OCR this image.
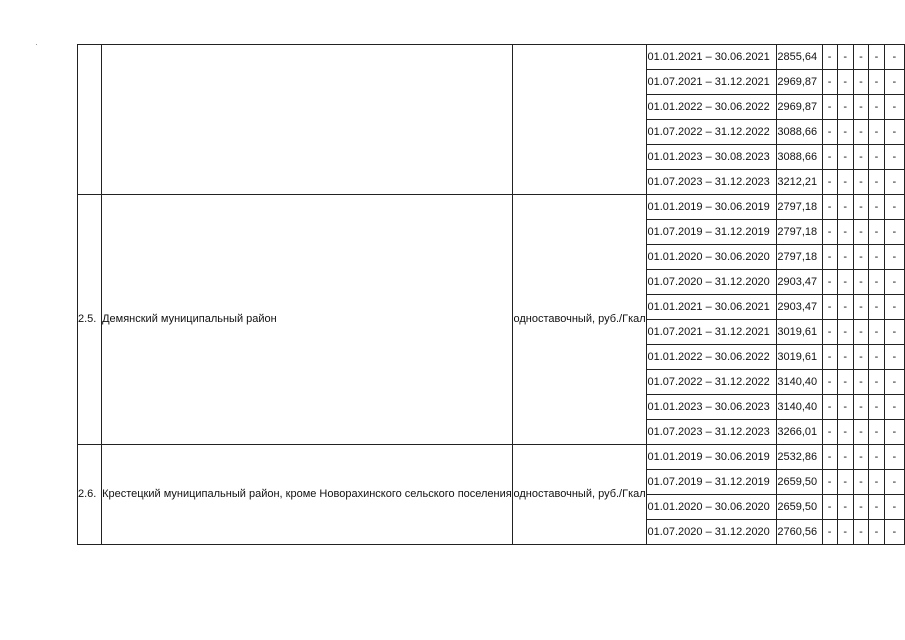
			01.01.2021 – 30.06.2021	2855,64	-	-	-	-	-
			01.07.2021 – 31.12.2021	2969,87	-	-	-	-	-
			01.01.2022 – 30.06.2022	2969,87	-	-	-	-	-
			01.07.2022 – 31.12.2022	3088,66	-	-	-	-	-
			01.01.2023 – 30.08.2023	3088,66	-	-	-	-	-
			01.07.2023 – 31.12.2023	3212,21	-	-	-	-	-
2.5.	Демянский муниципальный район	одноставочный, руб./Гкал	01.01.2019 – 30.06.2019	2797,18	-	-	-	-	-
			01.07.2019 – 31.12.2019	2797,18	-	-	-	-	-
			01.01.2020 – 30.06.2020	2797,18	-	-	-	-	-
			01.07.2020 – 31.12.2020	2903,47	-	-	-	-	-
			01.01.2021 – 30.06.2021	2903,47	-	-	-	-	-
			01.07.2021 – 31.12.2021	3019,61	-	-	-	-	-
			01.01.2022 – 30.06.2022	3019,61	-	-	-	-	-
			01.07.2022 – 31.12.2022	3140,40	-	-	-	-	-
			01.01.2023 – 30.06.2023	3140,40	-	-	-	-	-
			01.07.2023 – 31.12.2023	3266,01	-	-	-	-	-
2.6.	Крестецкий муниципальный район, кроме Новорахинского сельского поселения	одноставочный, руб./Гкал	01.01.2019 – 30.06.2019	2532,86	-	-	-	-	-
			01.07.2019 – 31.12.2019	2659,50	-	-	-	-	-
			01.01.2020 – 30.06.2020	2659,50	-	-	-	-	-
			01.07.2020 – 31.12.2020	2760,56	-	-	-	-	-
